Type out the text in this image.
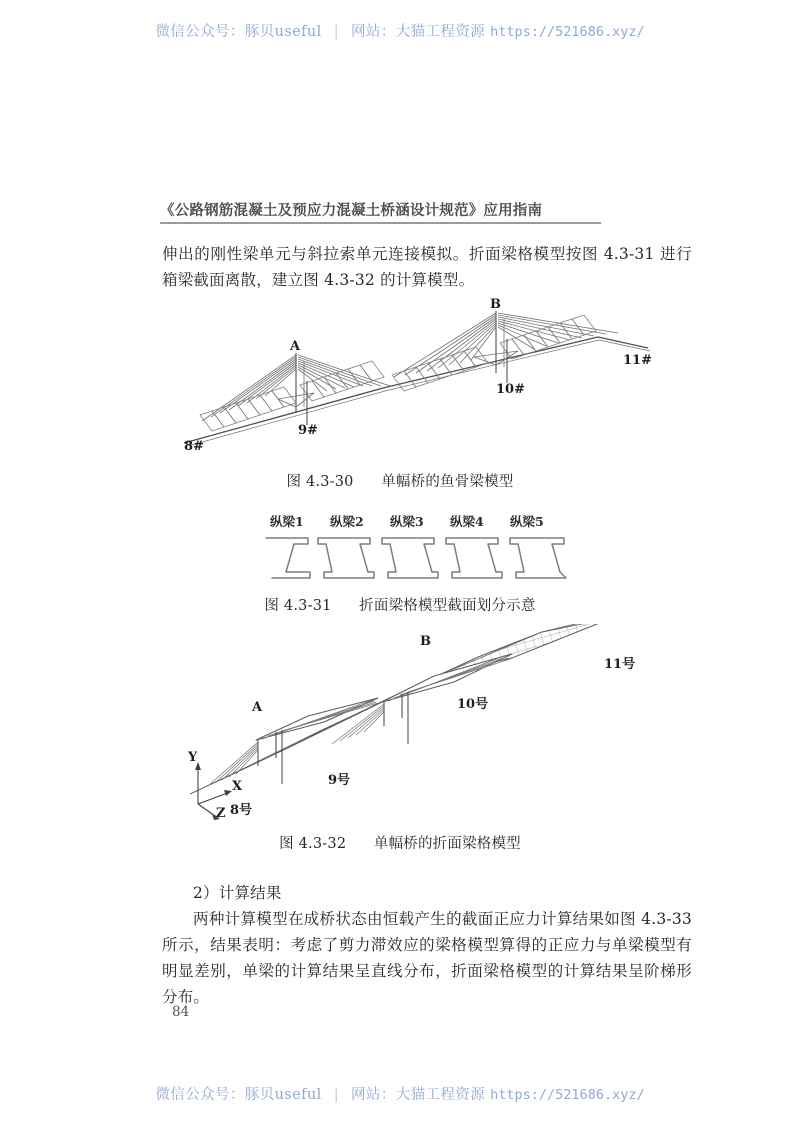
微信公众号：豚贝useful | 网站：大猫工程资源 https://521686.xyz/
《公路钢筋混凝土及预应力混凝土桥涵设计规范》应用指南
伸出的刚性梁单元与斜拉索单元连接模拟。折面梁格模型按图 4.3-31 进行箱梁截面离散，建立图 4.3-32 的计算模型。
A
B
8#
9#
10#
11#
图 4.3-30 单幅桥的鱼骨梁模型
纵梁1 纵梁2 纵梁3 纵梁4 纵梁5
图 4.3-31 折面梁格模型截面划分示意
A
B
8号
9号
10号
11号
Y
X
Z
图 4.3-32 单幅桥的折面梁格模型
2）计算结果
两种计算模型在成桥状态由恒载产生的截面正应力计算结果如图 4.3-33 所示，结果表明：考虑了剪力滞效应的梁格模型算得的正应力与单梁模型有明显差别，单梁的计算结果呈直线分布，折面梁格模型的计算结果呈阶梯形分布。
84
微信公众号：豚贝useful | 网站：大猫工程资源 https://521686.xyz/
